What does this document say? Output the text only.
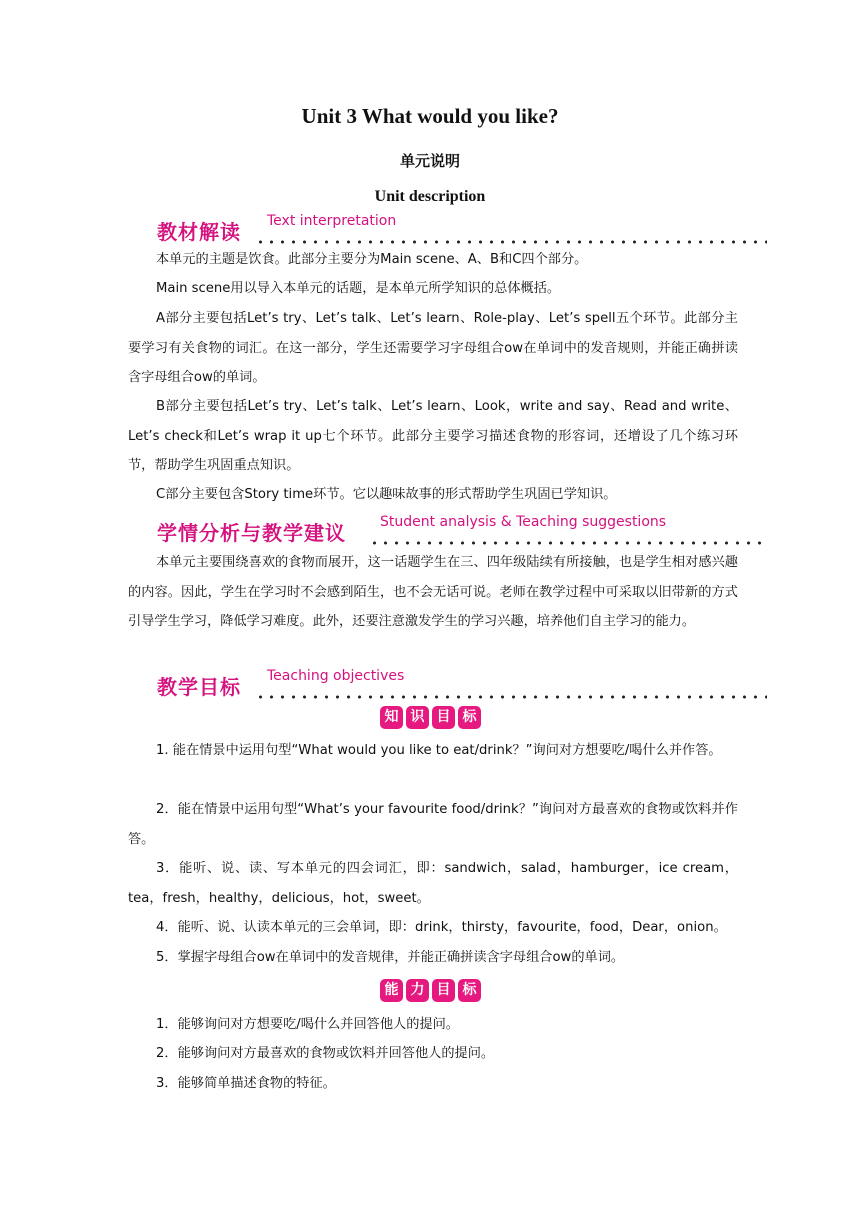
Unit 3 What would you like?
单元说明
Unit description
教材解读 Text interpretation

本单元的主题是饮食。此部分主要分为Main scene、A、B和C四个部分。

Main scene用以导入本单元的话题，是本单元所学知识的总体概括。

A部分主要包括Let’s try、Let’s talk、Let’s learn、Role-play、Let’s spell五个环节。此部分主要学习有关食物的词汇。在这一部分，学生还需要学习字母组合ow在单词中的发音规则，并能正确拼读含字母组合ow的单词。

B部分主要包括Let’s try、Let’s talk、Let’s learn、Look，write and say、Read and write、Let’s check和Let’s wrap it up七个环节。此部分主要学习描述食物的形容词，还增设了几个练习环节，帮助学生巩固重点知识。

C部分主要包含Story time环节。它以趣味故事的形式帮助学生巩固已学知识。

学情分析与教学建议 Student analysis & Teaching suggestions

本单元主要围绕喜欢的食物而展开，这一话题学生在三、四年级陆续有所接触，也是学生相对感兴趣的内容。因此，学生在学习时不会感到陌生，也不会无话可说。老师在教学过程中可采取以旧带新的方式引导学生学习，降低学习难度。此外，还要注意激发学生的学习兴趣，培养他们自主学习的能力。

教学目标 Teaching objectives
知 识 目 标

1. 能在情景中运用句型“What would you like to eat/drink？”询问对方想要吃/喝什么并作答。

2．能在情景中运用句型“What’s your favourite food/drink？”询问对方最喜欢的食物或饮料并作答。

3．能听、说、读、写本单元的四会词汇，即：sandwich，salad，hamburger，ice cream，tea，fresh，healthy，delicious，hot，sweet。

4．能听、说、认读本单元的三会单词，即：drink，thirsty，favourite，food，Dear，onion。

5．掌握字母组合ow在单词中的发音规律，并能正确拼读含字母组合ow的单词。

能 力 目 标

1．能够询问对方想要吃/喝什么并回答他人的提问。

2．能够询问对方最喜欢的食物或饮料并回答他人的提问。

3．能够简单描述食物的特征。
